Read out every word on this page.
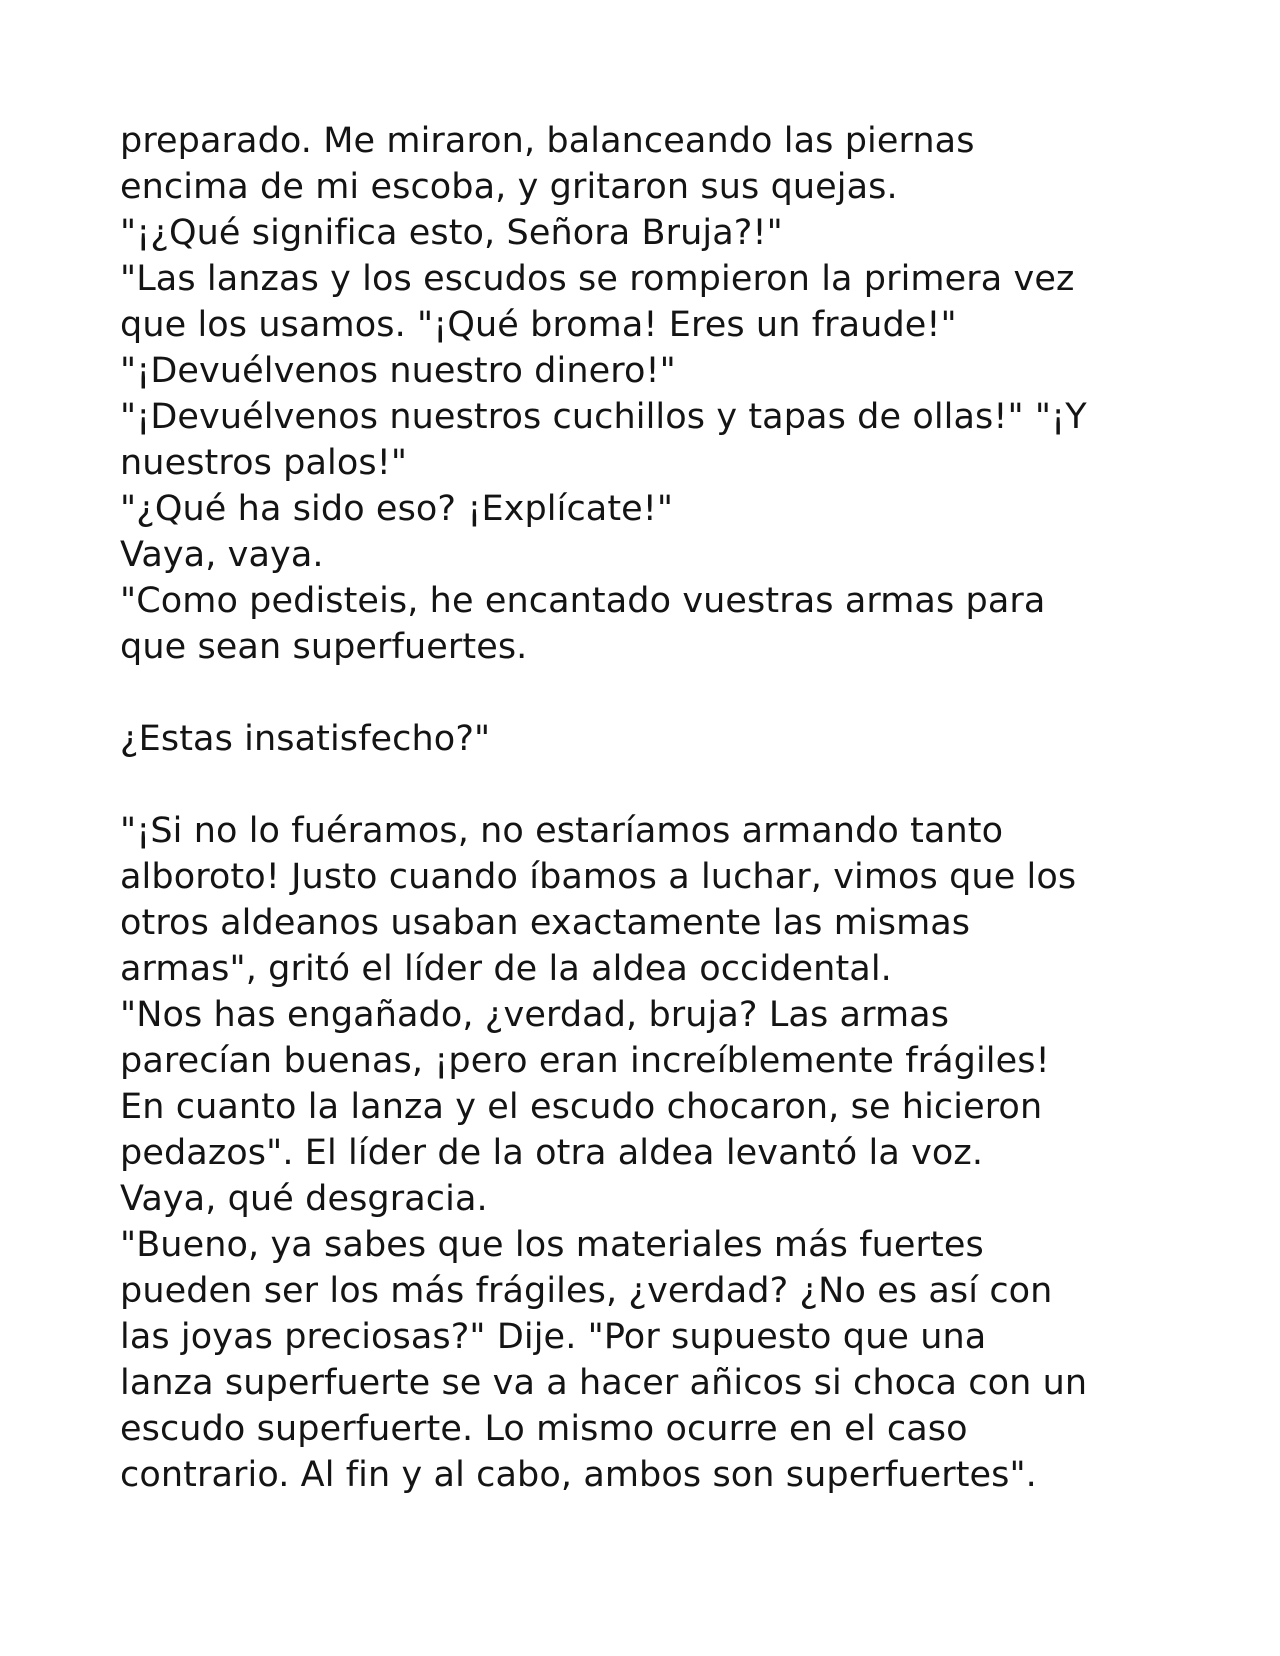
preparado. Me miraron, balanceando las piernas
encima de mi escoba, y gritaron sus quejas.
"¡¿Qué significa esto, Señora Bruja?!"
"Las lanzas y los escudos se rompieron la primera vez
que los usamos. "¡Qué broma! Eres un fraude!"
"¡Devuélvenos nuestro dinero!"
"¡Devuélvenos nuestros cuchillos y tapas de ollas!" "¡Y
nuestros palos!"
"¿Qué ha sido eso? ¡Explícate!"
Vaya, vaya.
"Como pedisteis, he encantado vuestras armas para
que sean superfuertes.
¿Estas insatisfecho?"
"¡Si no lo fuéramos, no estaríamos armando tanto
alboroto! Justo cuando íbamos a luchar, vimos que los
otros aldeanos usaban exactamente las mismas
armas", gritó el líder de la aldea occidental.
"Nos has engañado, ¿verdad, bruja? Las armas
parecían buenas, ¡pero eran increíblemente frágiles!
En cuanto la lanza y el escudo chocaron, se hicieron
pedazos". El líder de la otra aldea levantó la voz.
Vaya, qué desgracia.
"Bueno, ya sabes que los materiales más fuertes
pueden ser los más frágiles, ¿verdad? ¿No es así con
las joyas preciosas?" Dije. "Por supuesto que una
lanza superfuerte se va a hacer añicos si choca con un
escudo superfuerte. Lo mismo ocurre en el caso
contrario. Al fin y al cabo, ambos son superfuertes".
